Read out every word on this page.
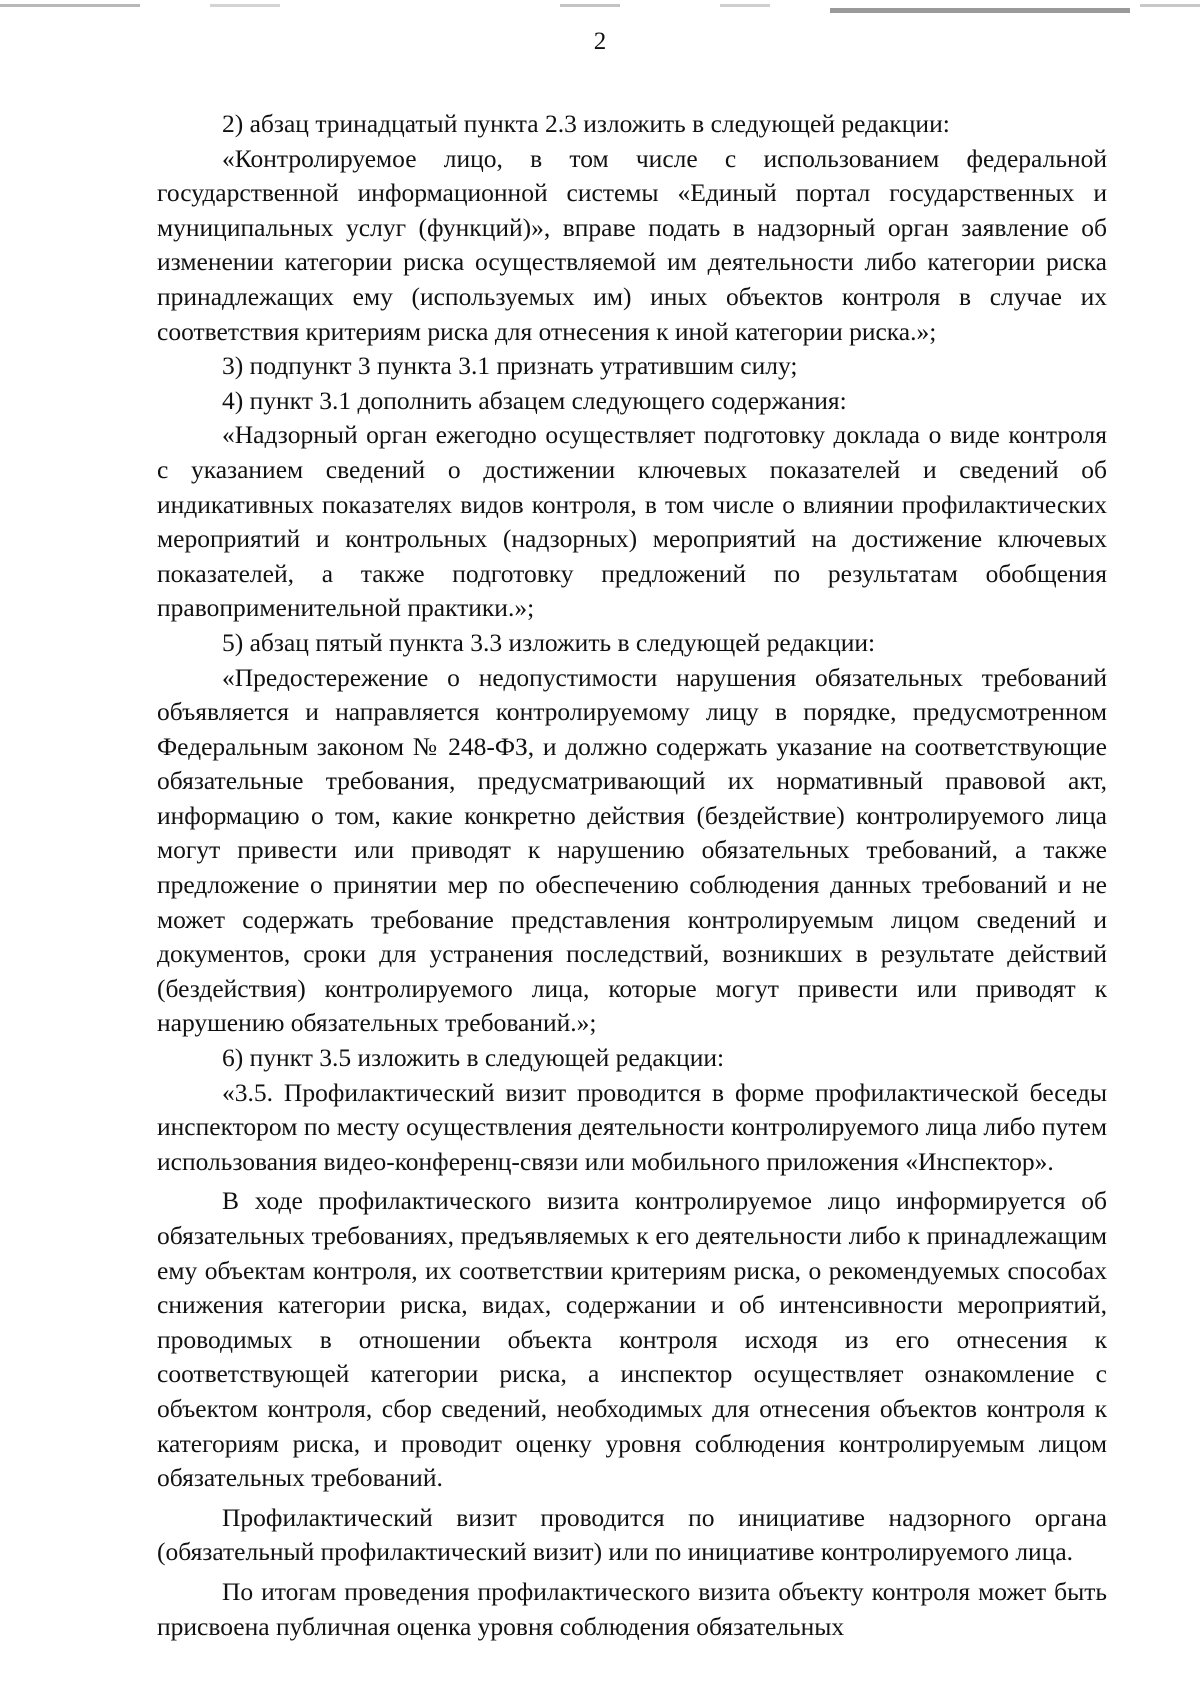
2

2) абзац тринадцатый пункта 2.3 изложить в следующей редакции:

«Контролируемое лицо, в том числе с использованием федеральной государственной информационной системы «Единый портал государственных и муниципальных услуг (функций)», вправе подать в надзорный орган заявление об изменении категории риска осуществляемой им деятельности либо категории риска принадлежащих ему (используемых им) иных объектов контроля в случае их соответствия критериям риска для отнесения к иной категории риска.»;

3) подпункт 3 пункта 3.1 признать утратившим силу;

4) пункт 3.1 дополнить абзацем следующего содержания:

«Надзорный орган ежегодно осуществляет подготовку доклада о виде контроля с указанием сведений о достижении ключевых показателей и сведений об индикативных показателях видов контроля, в том числе о влиянии профилактических мероприятий и контрольных (надзорных) мероприятий на достижение ключевых показателей, а также подготовку предложений по результатам обобщения правоприменительной практики.»;

5) абзац пятый пункта 3.3 изложить в следующей редакции:

«Предостережение о недопустимости нарушения обязательных требований объявляется и направляется контролируемому лицу в порядке, предусмотренном Федеральным законом № 248-ФЗ, и должно содержать указание на соответствующие обязательные требования, предусматривающий их нормативный правовой акт, информацию о том, какие конкретно действия (бездействие) контролируемого лица могут привести или приводят к нарушению обязательных требований, а также предложение о принятии мер по обеспечению соблюдения данных требований и не может содержать требование представления контролируемым лицом сведений и документов, сроки для устранения последствий, возникших в результате действий (бездействия) контролируемого лица, которые могут привести или приводят к нарушению обязательных требований.»;

6) пункт 3.5 изложить в следующей редакции:

«3.5. Профилактический визит проводится в форме профилактической беседы инспектором по месту осуществления деятельности контролируемого лица либо путем использования видео-конференц-связи или мобильного приложения «Инспектор».

В ходе профилактического визита контролируемое лицо информируется об обязательных требованиях, предъявляемых к его деятельности либо к принадлежащим ему объектам контроля, их соответствии критериям риска, о рекомендуемых способах снижения категории риска, видах, содержании и об интенсивности мероприятий, проводимых в отношении объекта контроля исходя из его отнесения к соответствующей категории риска, а инспектор осуществляет ознакомление с объектом контроля, сбор сведений, необходимых для отнесения объектов контроля к категориям риска, и проводит оценку уровня соблюдения контролируемым лицом обязательных требований.

Профилактический визит проводится по инициативе надзорного органа (обязательный профилактический визит) или по инициативе контролируемого лица.

По итогам проведения профилактического визита объекту контроля может быть присвоена публичная оценка уровня соблюдения обязательных
